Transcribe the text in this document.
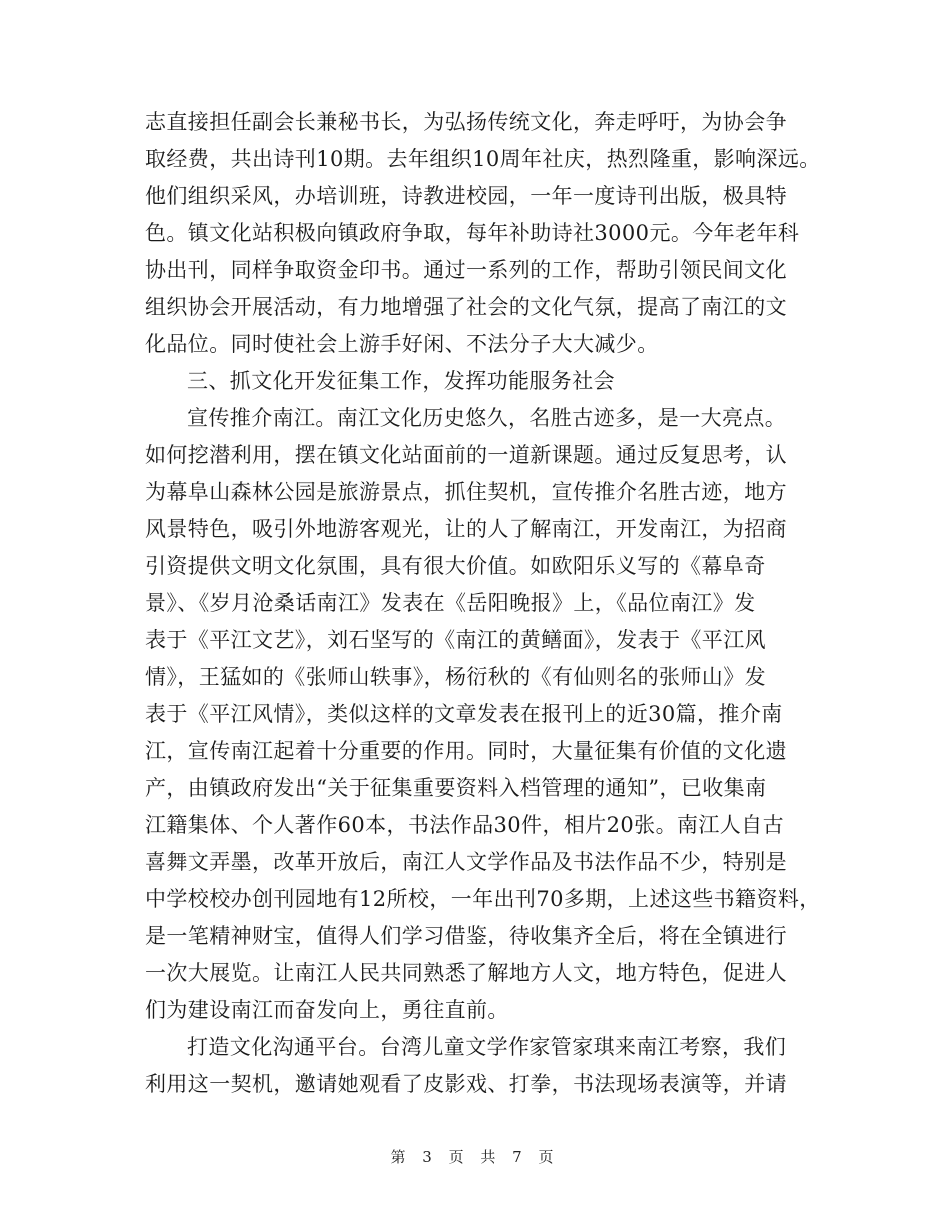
志直接担任副会长兼秘书长，为弘扬传统文化，奔走呼吁，为协会争
取经费，共出诗刊10期。去年组织10周年社庆，热烈隆重，影响深远。
他们组织采风，办培训班，诗教进校园，一年一度诗刊出版，极具特
色。镇文化站积极向镇政府争取，每年补助诗社3000元。今年老年科
协出刊，同样争取资金印书。通过一系列的工作，帮助引领民间文化
组织协会开展活动，有力地增强了社会的文化气氛，提高了南江的文
化品位。同时使社会上游手好闲、不法分子大大减少。
三、抓文化开发征集工作，发挥功能服务社会
宣传推介南江。南江文化历史悠久，名胜古迹多，是一大亮点。
如何挖潜利用，摆在镇文化站面前的一道新课题。通过反复思考，认
为幕阜山森林公园是旅游景点，抓住契机，宣传推介名胜古迹，地方
风景特色，吸引外地游客观光，让的人了解南江，开发南江，为招商
引资提供文明文化氛围，具有很大价值。如欧阳乐义写的《幕阜奇
景》、《岁月沧桑话南江》发表在《岳阳晚报》上，《品位南江》发
表于《平江文艺》，刘石坚写的《南江的黄鳝面》，发表于《平江风
情》，王猛如的《张师山轶事》，杨衍秋的《有仙则名的张师山》发
表于《平江风情》，类似这样的文章发表在报刊上的近30篇，推介南
江，宣传南江起着十分重要的作用。同时，大量征集有价值的文化遗
产，由镇政府发出“关于征集重要资料入档管理的通知”，已收集南
江籍集体、个人著作60本，书法作品30件，相片20张。南江人自古
喜舞文弄墨，改革开放后，南江人文学作品及书法作品不少，特别是
中学校校办创刊园地有12所校，一年出刊70多期，上述这些书籍资料，
是一笔精神财宝，值得人们学习借鉴，待收集齐全后，将在全镇进行
一次大展览。让南江人民共同熟悉了解地方人文，地方特色，促进人
们为建设南江而奋发向上，勇往直前。
打造文化沟通平台。台湾儿童文学作家管家琪来南江考察，我们
利用这一契机，邀请她观看了皮影戏、打拳，书法现场表演等，并请
第 3 页 共 7 页
